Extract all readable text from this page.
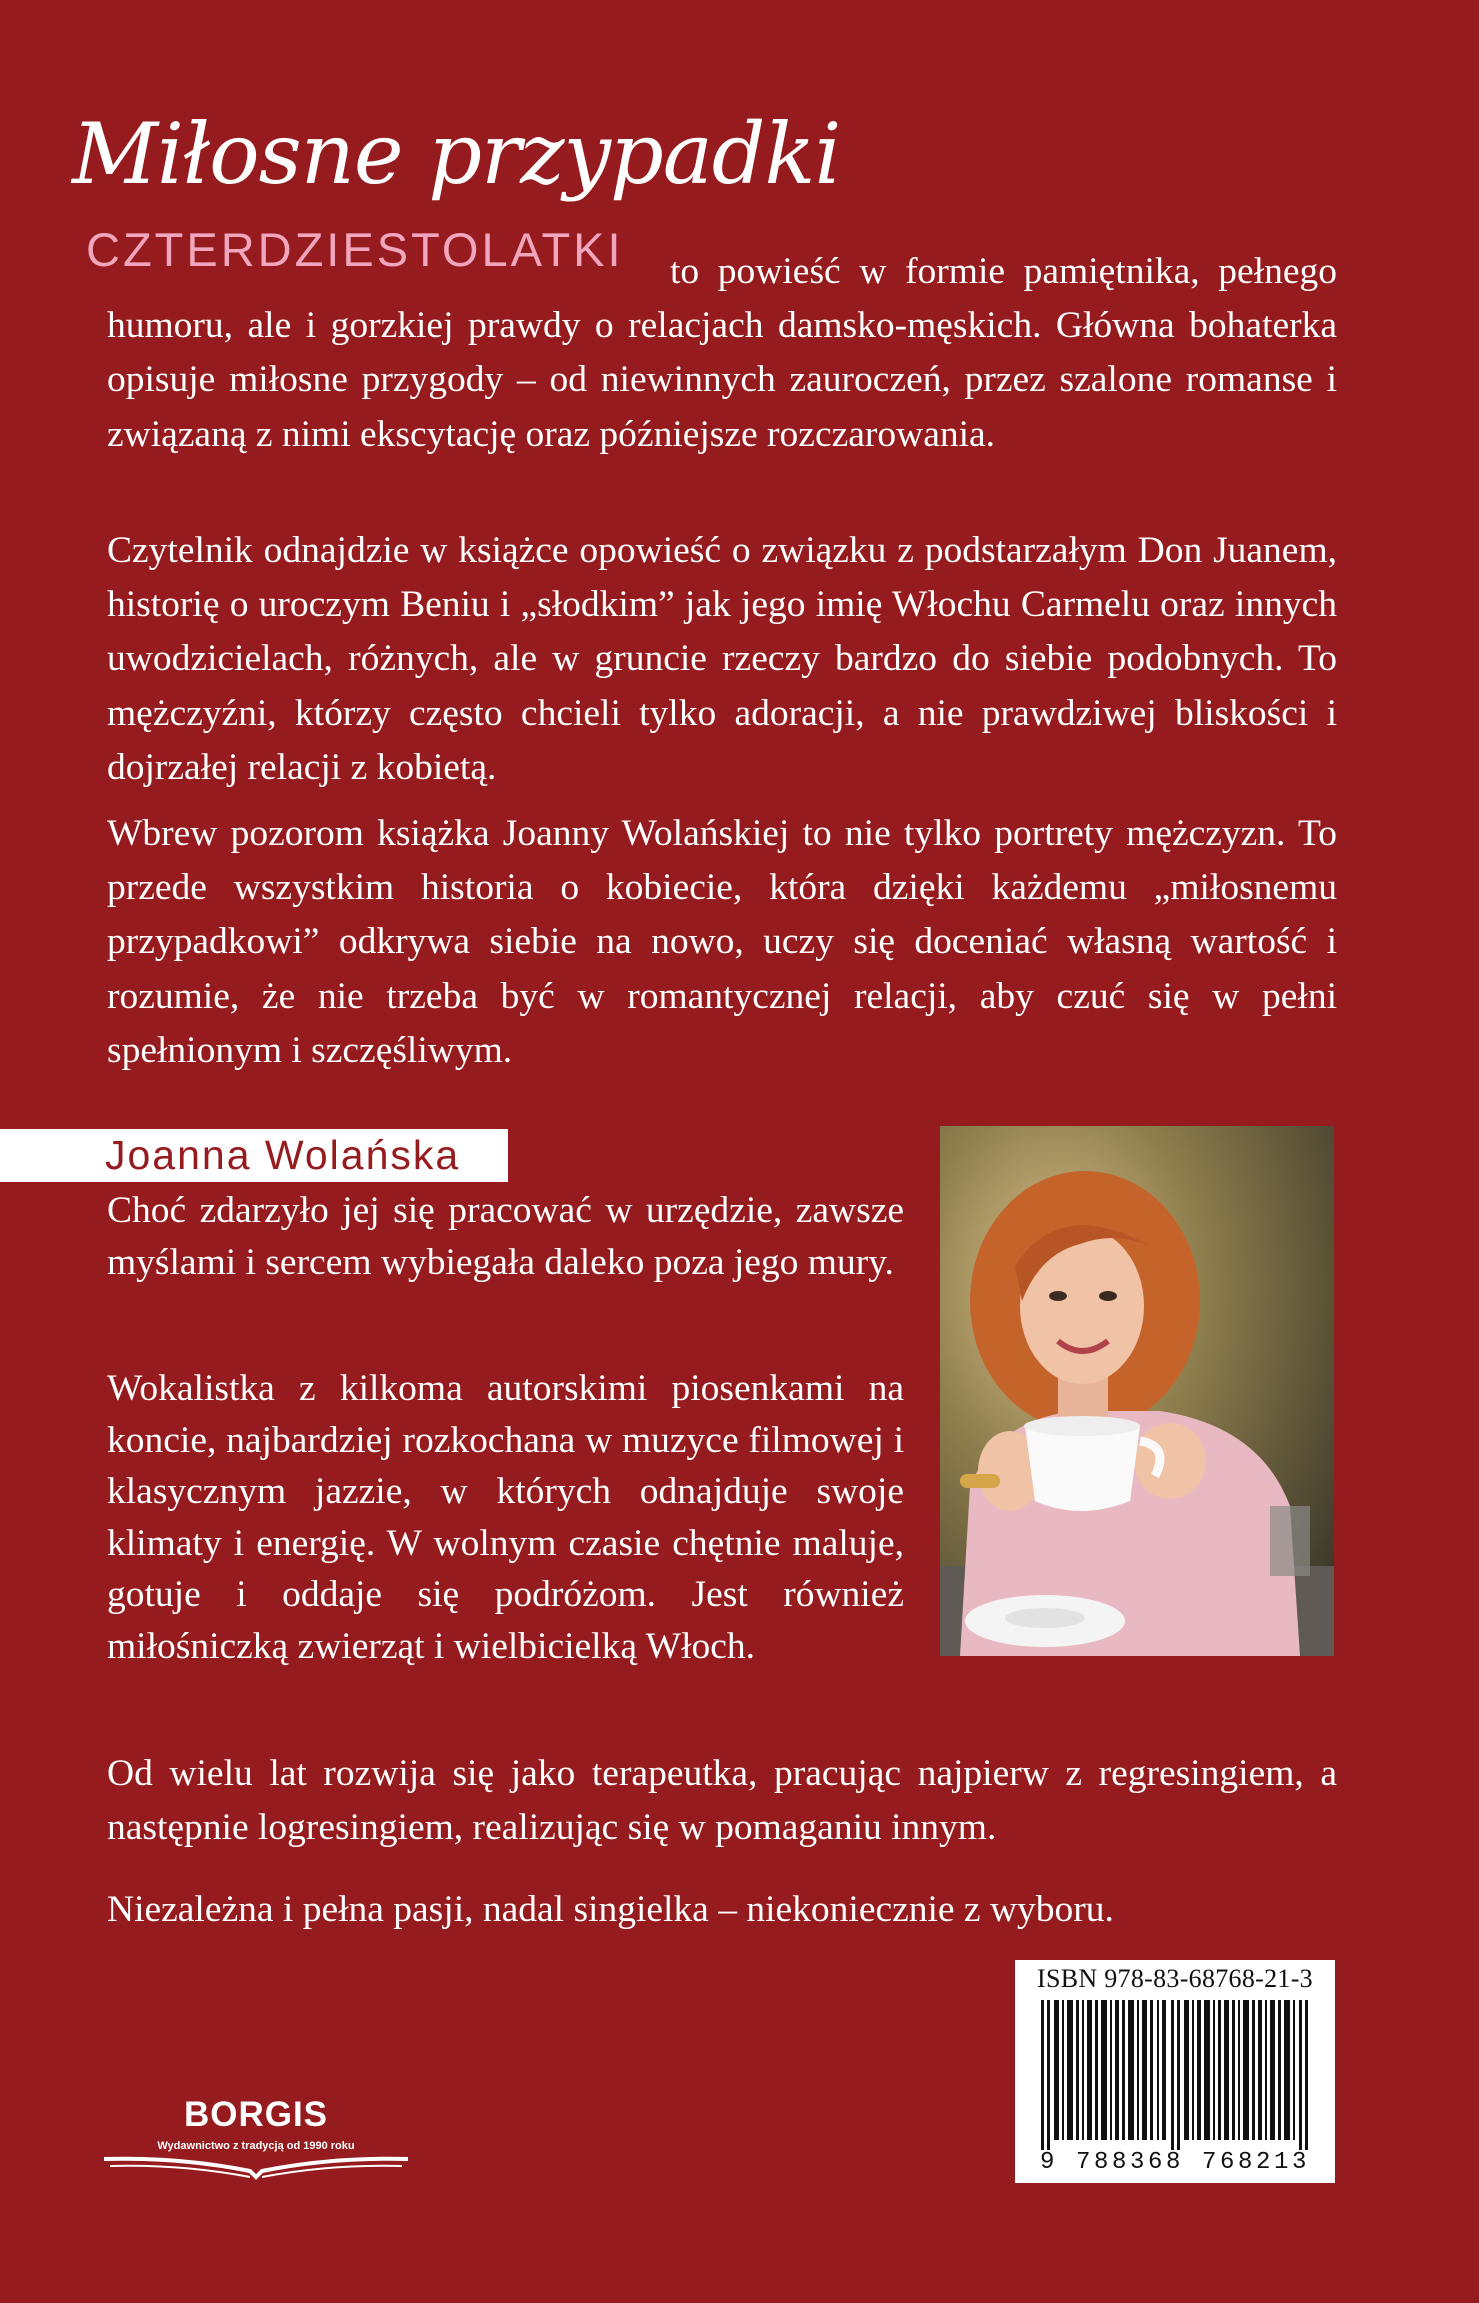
Miłosne przypadki
CZTERDZIESTOLATKI	to powieść w formie pamiętnika, pełnego humoru, ale i gorzkiej prawdy o relacjach damsko-męskich. Główna bohaterka opisuje miłosne przygody – od niewinnych zauroczeń, przez szalone romanse i związaną z nimi ekscytację oraz późniejsze rozczarowania.

Czytelnik odnajdzie w książce opowieść o związku z podstarzałym Don Juanem, historię o uroczym Beniu i „słodkim” jak jego imię Włochu Carmelu oraz innych uwodzicielach, różnych, ale w gruncie rzeczy bardzo do siebie podobnych. To mężczyźni, którzy często chcieli tylko adoracji, a nie prawdziwej bliskości i dojrzałej relacji z kobietą.

Wbrew pozorom książka Joanny Wolańskiej to nie tylko portrety mężczyzn. To przede wszystkim historia o kobiecie, która dzięki każdemu „miłosnemu przypadkowi” odkrywa siebie na nowo, uczy się doceniać własną wartość i rozumie, że nie trzeba być w romantycznej relacji, aby czuć się w pełni spełnionym i szczęśliwym.

Joanna Wolańska

Choć zdarzyło jej się pracować w urzędzie, zawsze myślami i sercem wybiegała daleko poza jego mury.

Wokalistka z kilkoma autorskimi piosenkami na koncie, najbardziej rozkochana w muzyce filmowej i klasycznym jazzie, w których odnajduje swoje klimaty i energię. W wolnym czasie chętnie maluje, gotuje i oddaje się podróżom. Jest również miłośniczką zwierząt i wielbicielką Włoch.

Od wielu lat rozwija się jako terapeutka, pracując najpierw z regresingiem, a następnie logresingiem, realizując się w pomaganiu innym.

Niezależna i pełna pasji, nadal singielka – niekoniecznie z wyboru.

BORGIS
Wydawnictwo z tradycją od 1990 roku
ISBN 978-83-68768-21-3
9 788368 768213
